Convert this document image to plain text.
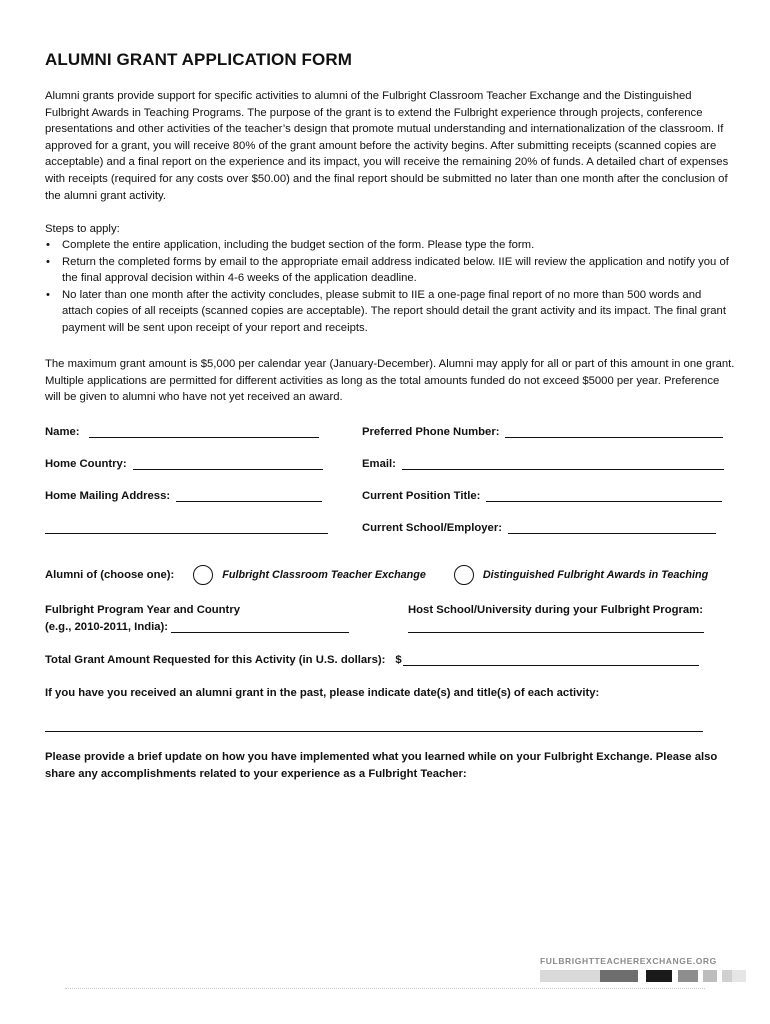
ALUMNI GRANT APPLICATION FORM

Alumni grants provide support for specific activities to alumni of the Fulbright Classroom Teacher Exchange and the Distinguished Fulbright Awards in Teaching Programs. The purpose of the grant is to extend the Fulbright experience through projects, conference presentations and other activities of the teacher’s design that promote mutual understanding and internationalization of the classroom. If approved for a grant, you will receive 80% of the grant amount before the activity begins. After submitting receipts (scanned copies are acceptable) and a final report on the experience and its impact, you will receive the remaining 20% of funds. A detailed chart of expenses with receipts (required for any costs over $50.00) and the final report should be submitted no later than one month after the conclusion of the alumni grant activity.

Steps to apply:

• Complete the entire application, including the budget section of the form. Please type the form.
• Return the completed forms by email to the appropriate email address indicated below. IIE will review the application and notify you of the final approval decision within 4-6 weeks of the application deadline.
• No later than one month after the activity concludes, please submit to IIE a one-page final report of no more than 500 words and attach copies of all receipts (scanned copies are acceptable). The report should detail the grant activity and its impact. The final grant payment will be sent upon receipt of your report and receipts.

The maximum grant amount is $5,000 per calendar year (January-December). Alumni may apply for all or part of this amount in one grant. Multiple applications are permitted for different activities as long as the total amounts funded do not exceed $5000 per year. Preference will be given to alumni who have not yet received an award.

Name:	Preferred Phone Number:
Home Country:	Email:
Home Mailing Address:	Current Position Title:
Current School/Employer:
Alumni of (choose one):	Fulbright Classroom Teacher Exchange	Distinguished Fulbright Awards in Teaching
Fulbright Program Year and Country
(e.g., 2010-2011, India):
Host School/University during your Fulbright Program:
Total Grant Amount Requested for this Activity (in U.S. dollars): $
If you have you received an alumni grant in the past, please indicate date(s) and title(s) of each activity:

Please provide a brief update on how you have implemented what you learned while on your Fulbright Exchange. Please also share any accomplishments related to your experience as a Fulbright Teacher:

FULBRIGHTTEACHEREXCHANGE.ORG
